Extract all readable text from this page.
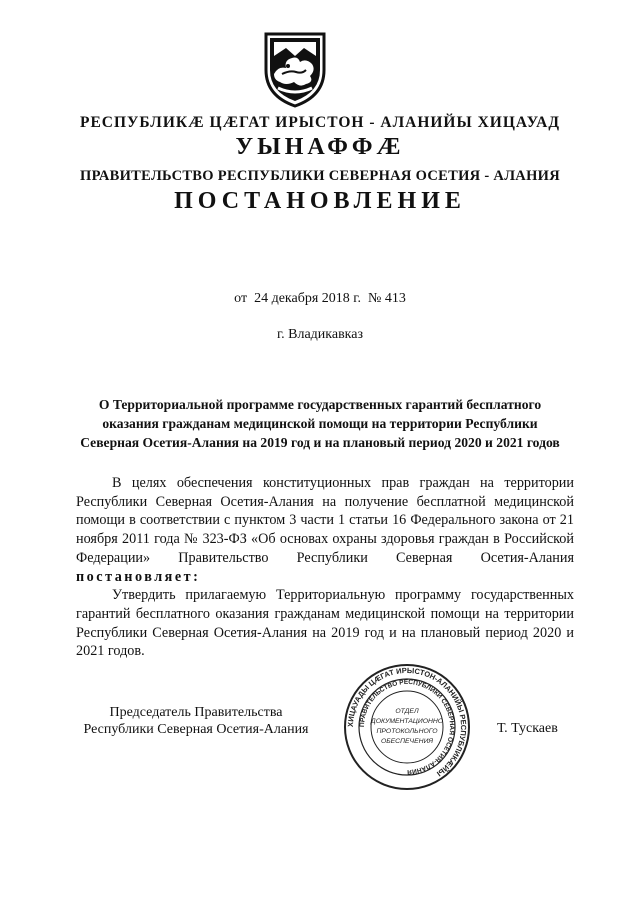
РЕСПУБЛИКÆ ЦÆГАТ ИРЫСТОН - АЛАНИЙЫ ХИЦАУАД
УЫНАФФÆ
ПРАВИТЕЛЬСТВО РЕСПУБЛИКИ СЕВЕРНАЯ ОСЕТИЯ - АЛАНИЯ
ПОСТАНОВЛЕНИЕ
от 24 декабря 2018 г. № 413
г. Владикавказ
О Территориальной программе государственных гарантий бесплатного оказания гражданам медицинской помощи на территории Республики Северная Осетия-Алания на 2019 год и на плановый период 2020 и 2021 годов

В целях обеспечения конституционных прав граждан на территории Республики Северная Осетия-Алания на получение бесплатной медицинской помощи в соответствии с пунктом 3 части 1 статьи 16 Федерального закона от 21 ноября 2011 года № 323-ФЗ «Об основах охраны здоровья граждан в Российской Федерации» Правительство Республики Северная Осетия-Алания постановляет:

Утвердить прилагаемую Территориальную программу государственных гарантий бесплатного оказания гражданам медицинской помощи на территории Республики Северная Осетия-Алания на 2019 год и на плановый период 2020 и 2021 годов.

Председатель Правительства
Республики Северная Осетия-Алания	ХИЦАУАДЫ ЦÆГАТ ИРЫСТОН-АЛАНИЙЫ РЕСПУБЛИКÆЙЫ
ПРАВИТЕЛЬСТВО РЕСПУБЛИКИ СЕВЕРНАЯ ОСЕТИЯ-АЛАНИЯ
ОТДЕЛ
ДОКУМЕНТАЦИОННО
ПРОТОКОЛЬНОГО
ОБЕСПЕЧЕНИЯ
Т. Тускаев
